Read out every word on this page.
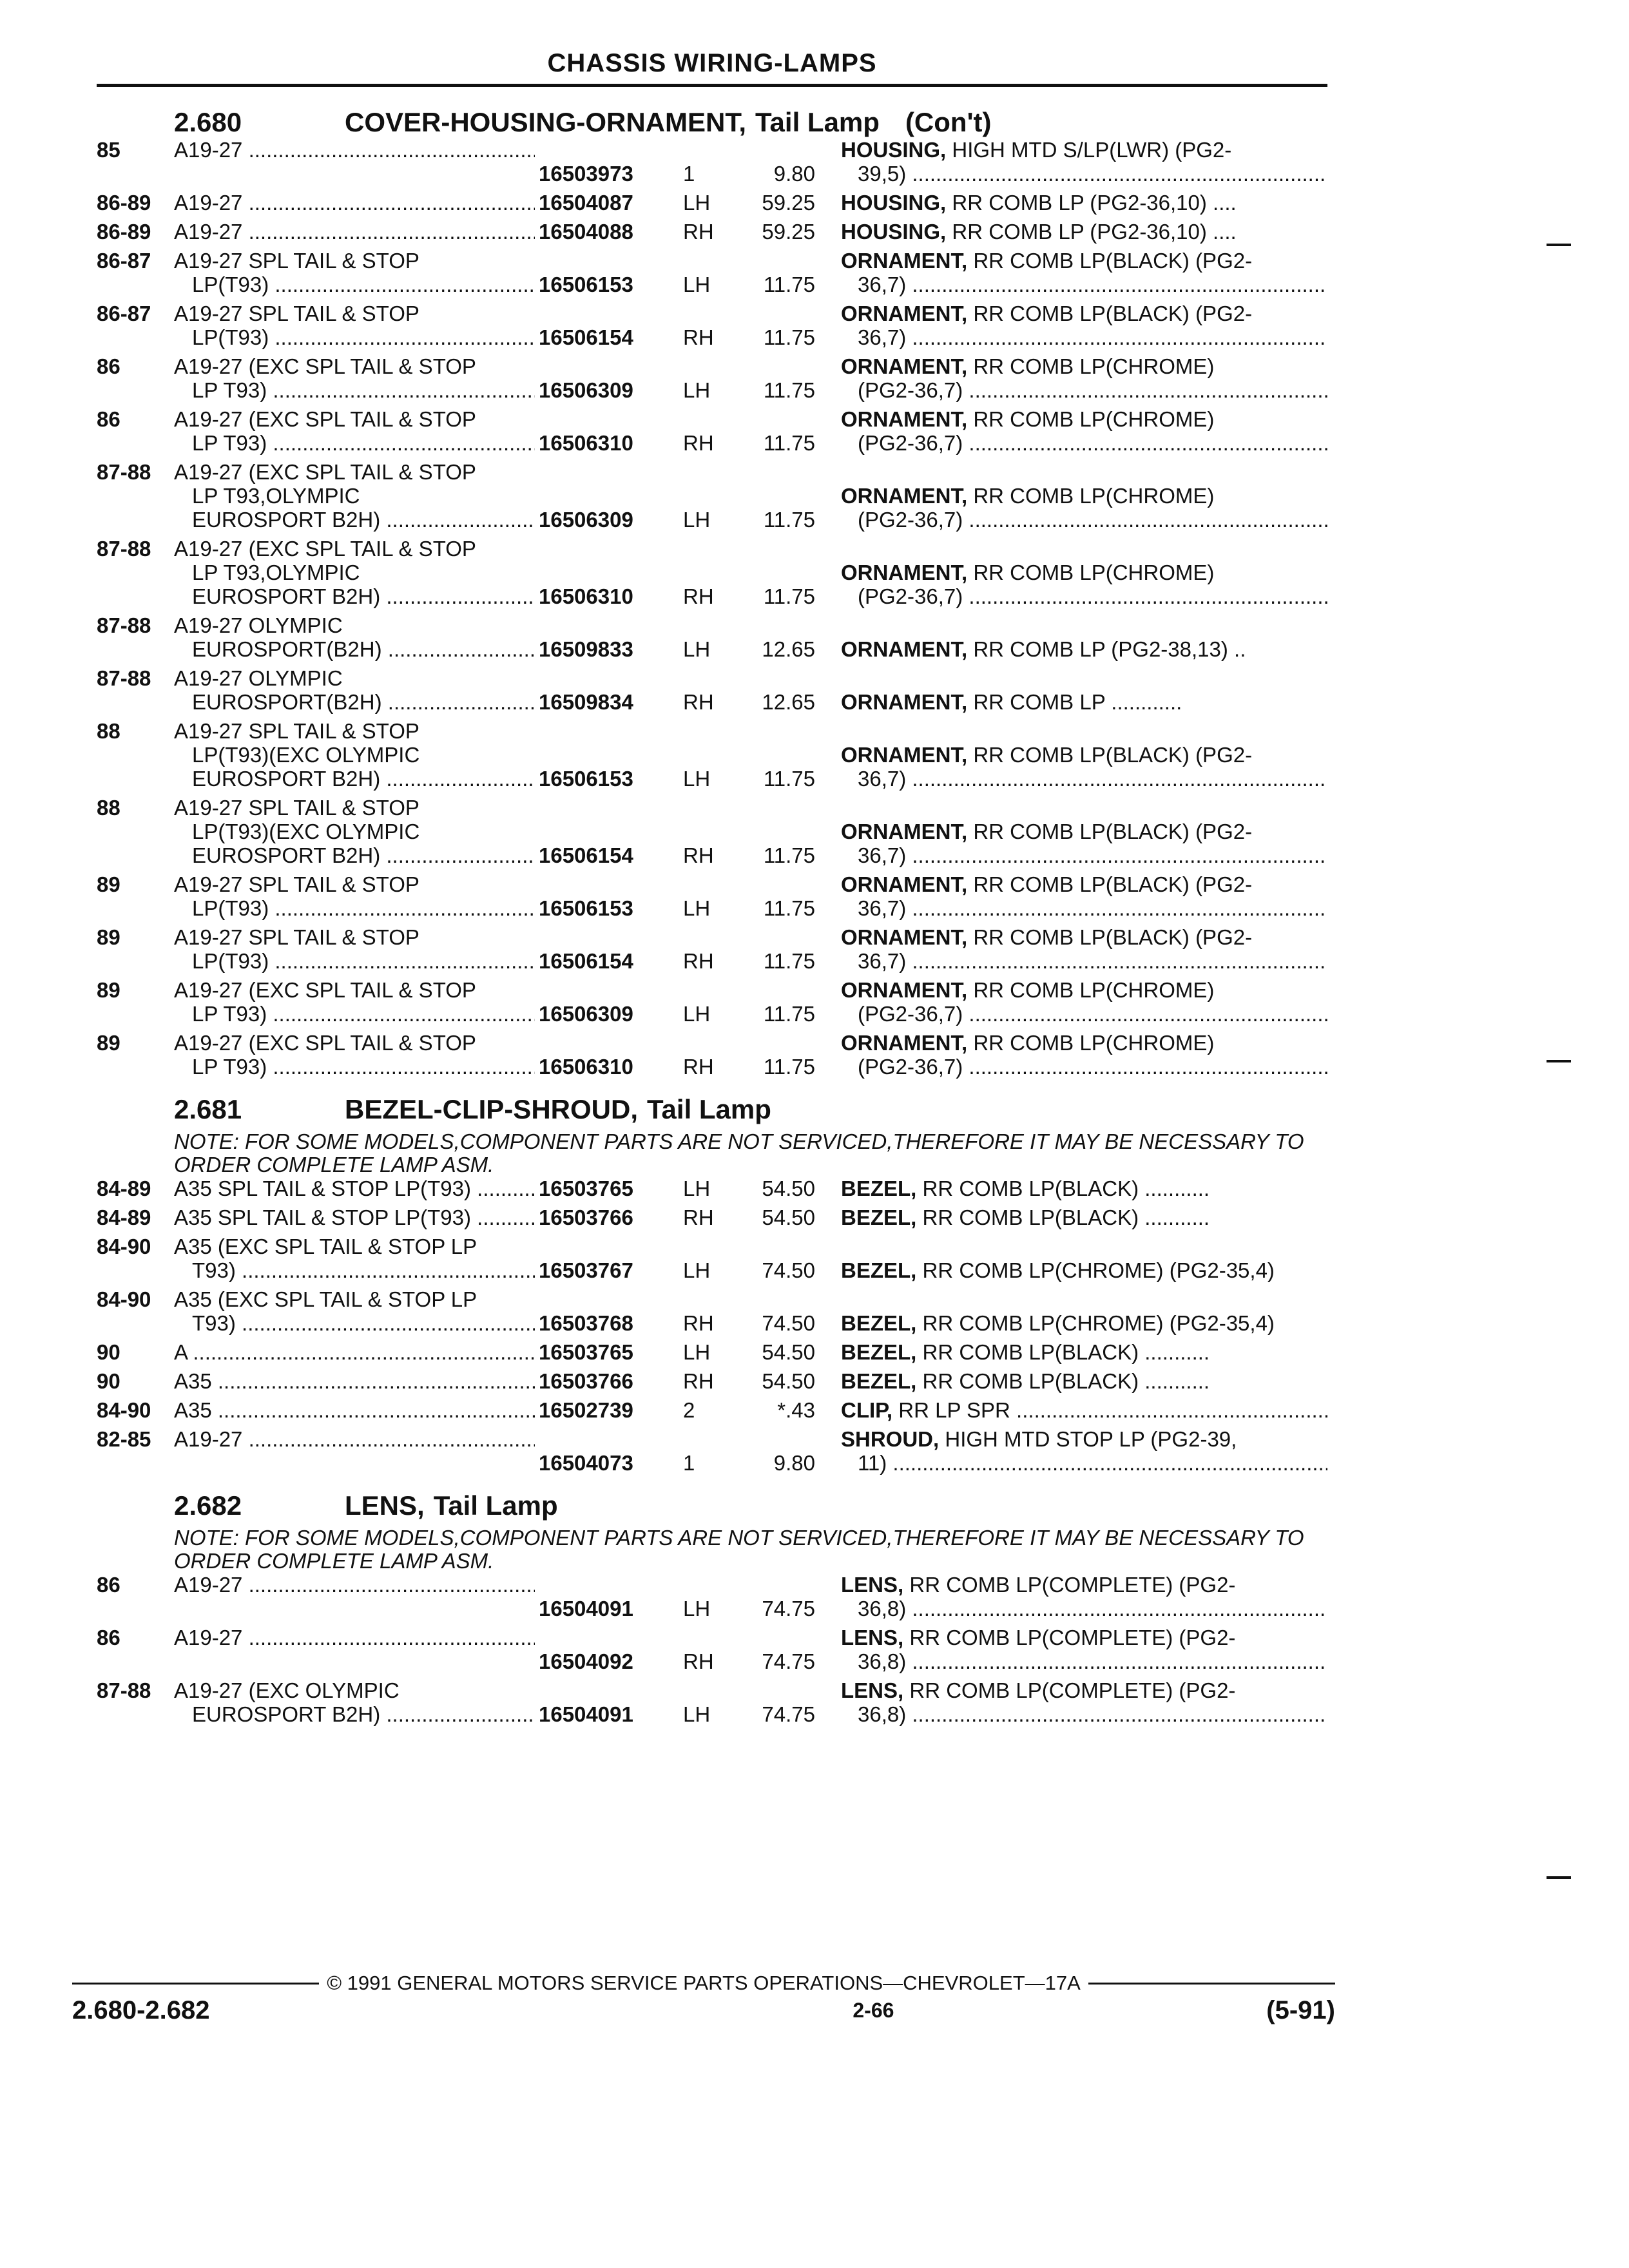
CHASSIS WIRING-LAMPS
2.680	COVER-HOUSING-ORNAMENT, Tail Lamp (Con't)
85	A19-27 .....
16503973	1	9.80
HOUSING, HIGH MTD S/LP(LWR) (PG2-
39,5) .....
86-89	A19-27 .....	16504087	LH	59.25	HOUSING, RR COMB LP (PG2-36,10) ....
86-89	A19-27 .....	16504088	RH	59.25	HOUSING, RR COMB LP (PG2-36,10) ....
86-87	A19-27 SPL TAIL & STOP
LP(T93) .....	16506153	LH	11.75
ORNAMENT, RR COMB LP(BLACK) (PG2-
36,7) .....
86-87	A19-27 SPL TAIL & STOP
LP(T93) .....	16506154	RH	11.75
ORNAMENT, RR COMB LP(BLACK) (PG2-
36,7) .....
86	A19-27 (EXC SPL TAIL & STOP
LP T93) .....	16506309	LH	11.75
ORNAMENT, RR COMB LP(CHROME)
(PG2-36,7) .....
86	A19-27 (EXC SPL TAIL & STOP
LP T93) .....	16506310	RH	11.75
ORNAMENT, RR COMB LP(CHROME)
(PG2-36,7) .....
87-88	A19-27 (EXC SPL TAIL & STOP
LP T93,OLYMPIC
EUROSPORT B2H) .....	16506309	LH	11.75
ORNAMENT, RR COMB LP(CHROME)
(PG2-36,7) .....
87-88	A19-27 (EXC SPL TAIL & STOP
LP T93,OLYMPIC
EUROSPORT B2H) .....	16506310	RH	11.75
ORNAMENT, RR COMB LP(CHROME)
(PG2-36,7) .....
87-88	A19-27 OLYMPIC
EUROSPORT(B2H) .....	16509833	LH	12.65	ORNAMENT, RR COMB LP (PG2-38,13) ..
87-88	A19-27 OLYMPIC
EUROSPORT(B2H) .....	16509834	RH	12.65	ORNAMENT, RR COMB LP ............
88	A19-27 SPL TAIL & STOP
LP(T93)(EXC OLYMPIC
EUROSPORT B2H) .....	16506153	LH	11.75
ORNAMENT, RR COMB LP(BLACK) (PG2-
36,7) .....
88	A19-27 SPL TAIL & STOP
LP(T93)(EXC OLYMPIC
EUROSPORT B2H) .....	16506154	RH	11.75
ORNAMENT, RR COMB LP(BLACK) (PG2-
36,7) .....
89	A19-27 SPL TAIL & STOP
LP(T93) .....	16506153	LH	11.75
ORNAMENT, RR COMB LP(BLACK) (PG2-
36,7) .....
89	A19-27 SPL TAIL & STOP
LP(T93) .....	16506154	RH	11.75
ORNAMENT, RR COMB LP(BLACK) (PG2-
36,7) .....
89	A19-27 (EXC SPL TAIL & STOP
LP T93) .....	16506309	LH	11.75
ORNAMENT, RR COMB LP(CHROME)
(PG2-36,7) .....
89	A19-27 (EXC SPL TAIL & STOP
LP T93) .....	16506310	RH	11.75
ORNAMENT, RR COMB LP(CHROME)
(PG2-36,7) .....
2.681	BEZEL-CLIP-SHROUD, Tail Lamp
NOTE: FOR SOME MODELS,COMPONENT PARTS ARE NOT SERVICED,THEREFORE IT MAY BE NECESSARY TO ORDER COMPLETE LAMP ASM.
84-89	A35 SPL TAIL & STOP LP(T93) .....	16503765	LH	54.50	BEZEL, RR COMB LP(BLACK) ...........
84-89	A35 SPL TAIL & STOP LP(T93) .....	16503766	RH	54.50	BEZEL, RR COMB LP(BLACK) ...........
84-90	A35 (EXC SPL TAIL & STOP LP
T93) .....	16503767	LH	74.50	BEZEL, RR COMB LP(CHROME) (PG2-35,4)
84-90	A35 (EXC SPL TAIL & STOP LP
T93) .....	16503768	RH	74.50	BEZEL, RR COMB LP(CHROME) (PG2-35,4)
90	A .....	16503765	LH	54.50	BEZEL, RR COMB LP(BLACK) ...........
90	A35 .....	16503766	RH	54.50	BEZEL, RR COMB LP(BLACK) ...........
84-90	A35 .....	16502739	2	*.43	CLIP, RR LP SPR .....
82-85	A19-27 .....
16504073	1	9.80
SHROUD, HIGH MTD STOP LP (PG2-39,
11) .....
2.682	LENS, Tail Lamp
NOTE: FOR SOME MODELS,COMPONENT PARTS ARE NOT SERVICED,THEREFORE IT MAY BE NECESSARY TO ORDER COMPLETE LAMP ASM.
86	A19-27 .....
16504091	LH	74.75
LENS, RR COMB LP(COMPLETE) (PG2-
36,8) .....
86	A19-27 .....
16504092	RH	74.75
LENS, RR COMB LP(COMPLETE) (PG2-
36,8) .....
87-88	A19-27 (EXC OLYMPIC
EUROSPORT B2H) .....	16504091	LH	74.75
LENS, RR COMB LP(COMPLETE) (PG2-
36,8) .....
© 1991 GENERAL MOTORS SERVICE PARTS OPERATIONS—CHEVROLET—17A
2.680-2.682	2-66	(5-91)
